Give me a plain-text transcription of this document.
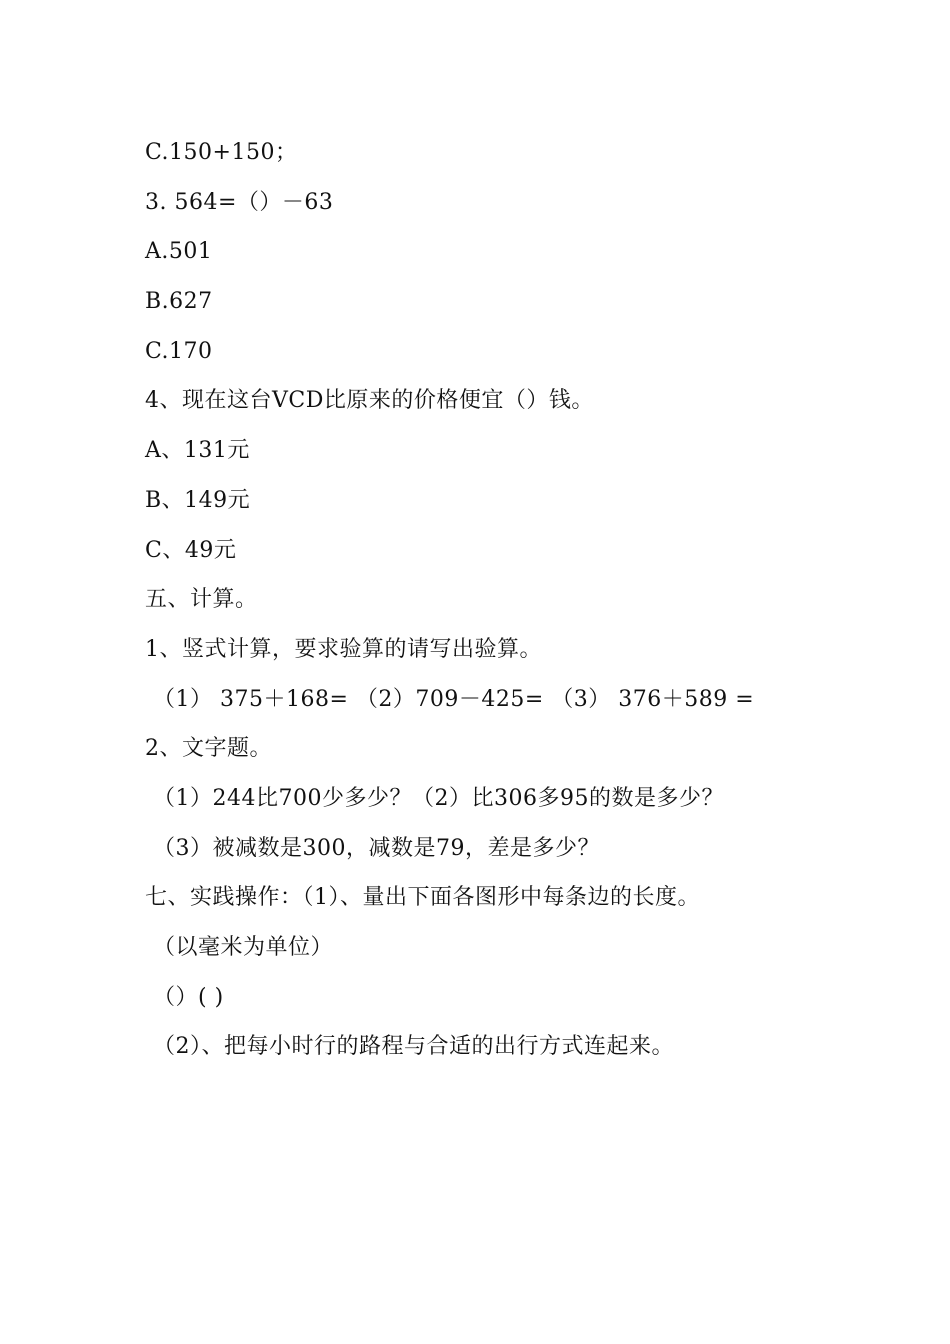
C.150+150；
3. 564=（）－63
A.501
B.627
C.170
4、现在这台VCD比原来的价格便宜（）钱。
A、131元
B、149元
C、49元
五、计算。
1、竖式计算，要求验算的请写出验算。
（1） 375＋168= （2）709－425= （3） 376＋589 =
2、文字题。
（1）244比700少多少？（2）比306多95的数是多少？
（3）被减数是300，减数是79，差是多少？
七、实践操作：（1）、量出下面各图形中每条边的长度。
（以毫米为单位）
（）( )
（2）、把每小时行的路程与合适的出行方式连起来。
